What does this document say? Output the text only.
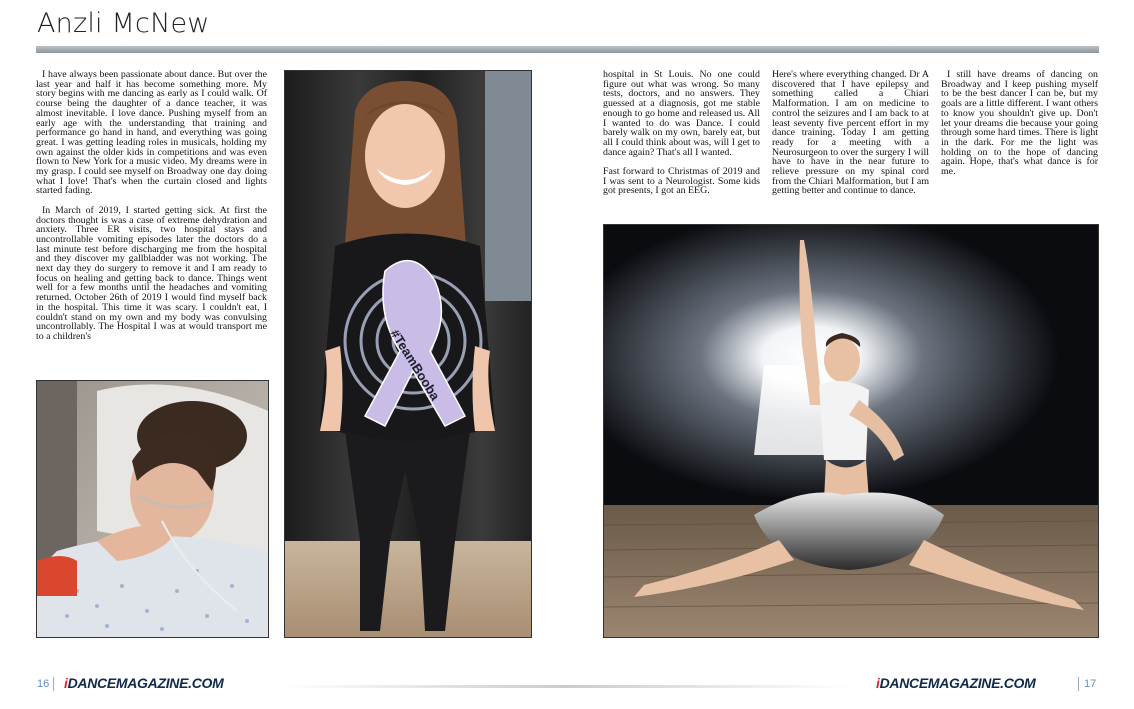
Anzli McNew

I have always been passionate about dance. But over the last year and half it has become something more. My story begins with me dancing as early as I could walk. Of course being the daughter of a dance teacher, it was almost inevitable. I love dance. Pushing myself from an early age with the understanding that training and performance go hand in hand, and everything was going great. I was getting leading roles in musicals, holding my own against the older kids in competitions and was even flown to New York for a music video. My dreams were in my grasp. I could see myself on Broadway one day doing what I love! That's when the curtain closed and lights started fading.

In March of 2019, I started getting sick. At first the doctors thought is was a case of extreme dehydration and anxiety. Three ER visits, two hospital stays and uncontrollable vomiting episodes later the doctors do a last minute test before discharging me from the hospital and they discover my gallbladder was not working. The next day they do surgery to remove it and I am ready to focus on healing and getting back to dance. Things went well for a few months until the headaches and vomiting returned. October 26th of 2019 I would find myself back in the hospital. This time it was scary. I couldn't eat, I couldn't stand on my own and my body was convulsing uncontrollably. The Hospital I was at would transport me to a children's	#TeamBooba

hospital in St Louis. No one could figure out what was wrong. So many tests, doctors, and no answers. They guessed at a diagnosis, got me stable enough to go home and released us. All I wanted to do was Dance. I could barely walk on my own, barely eat, but all I could think about was, will I get to dance again? That's all I wanted.

Fast forward to Christmas of 2019 and I was sent to a Neurologist. Some kids got presents, I got an EEG.

Here's where everything changed. Dr A discovered that I have epilepsy and something called a Chiari Malformation. I am on medicine to control the seizures and I am back to at least seventy five percent effort in my dance training. Today I am getting ready for a meeting with a Neurosurgeon to over the surgery I will have to have in the near future to relieve pressure on my spinal cord from the Chiari Malformation, but I am getting better and continue to dance.

I still have dreams of dancing on Broadway and I keep pushing myself to be the best dancer I can be, but my goals are a little different. I want others to know you shouldn't give up. Don't let your dreams die because your going through some hard times. There is light in the dark. For me the light was holding on to the hope of dancing again. Hope, that's what dance is for me.

16 iDANCEMAGAZINE.COM	iDANCEMAGAZINE.COM	17
